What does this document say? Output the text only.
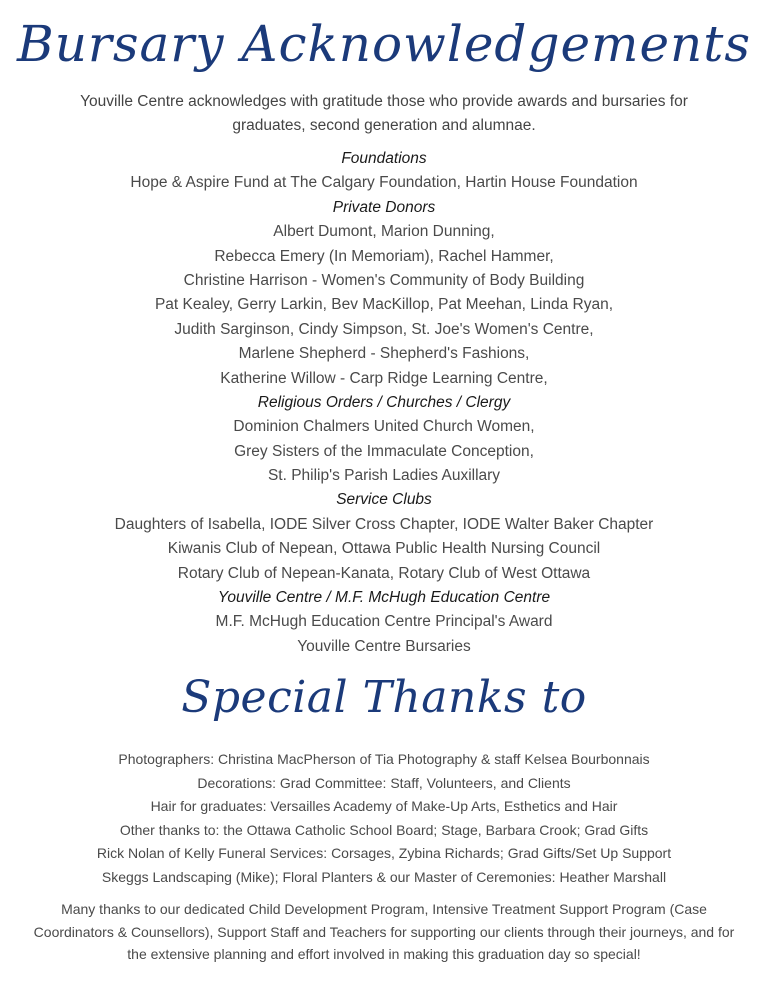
Bursary Acknowledgements
Youville Centre acknowledges with gratitude those who provide awards and bursaries for graduates, second generation and alumnae.
Foundations
Hope & Aspire Fund at The Calgary Foundation, Hartin House Foundation
Private Donors
Albert Dumont, Marion Dunning,
Rebecca Emery (In Memoriam), Rachel Hammer,
Christine Harrison - Women's Community of Body Building
Pat Kealey, Gerry Larkin, Bev MacKillop, Pat Meehan, Linda Ryan,
Judith Sarginson, Cindy Simpson, St. Joe's Women's Centre,
Marlene Shepherd - Shepherd's Fashions,
Katherine Willow - Carp Ridge Learning Centre,
Religious Orders / Churches / Clergy
Dominion Chalmers United Church Women,
Grey Sisters of the Immaculate Conception,
St. Philip's Parish Ladies Auxillary
Service Clubs
Daughters of Isabella, IODE Silver Cross Chapter, IODE Walter Baker Chapter
Kiwanis Club of Nepean, Ottawa Public Health Nursing Council
Rotary Club of Nepean-Kanata, Rotary Club of West Ottawa
Youville Centre / M.F. McHugh Education Centre
M.F. McHugh Education Centre Principal's Award
Youville Centre Bursaries
Special Thanks to
Photographers: Christina MacPherson of Tia Photography & staff Kelsea Bourbonnais
Decorations: Grad Committee: Staff, Volunteers, and Clients
Hair for graduates: Versailles Academy of Make-Up Arts, Esthetics and Hair
Other thanks to: the Ottawa Catholic School Board; Stage, Barbara Crook; Grad Gifts
Rick Nolan of Kelly Funeral Services: Corsages, Zybina Richards; Grad Gifts/Set Up Support
Skeggs Landscaping (Mike); Floral Planters & our Master of Ceremonies: Heather Marshall
Many thanks to our dedicated Child Development Program, Intensive Treatment Support Program (Case Coordinators & Counsellors), Support Staff and Teachers for supporting our clients through their journeys, and for the extensive planning and effort involved in making this graduation day so special!
